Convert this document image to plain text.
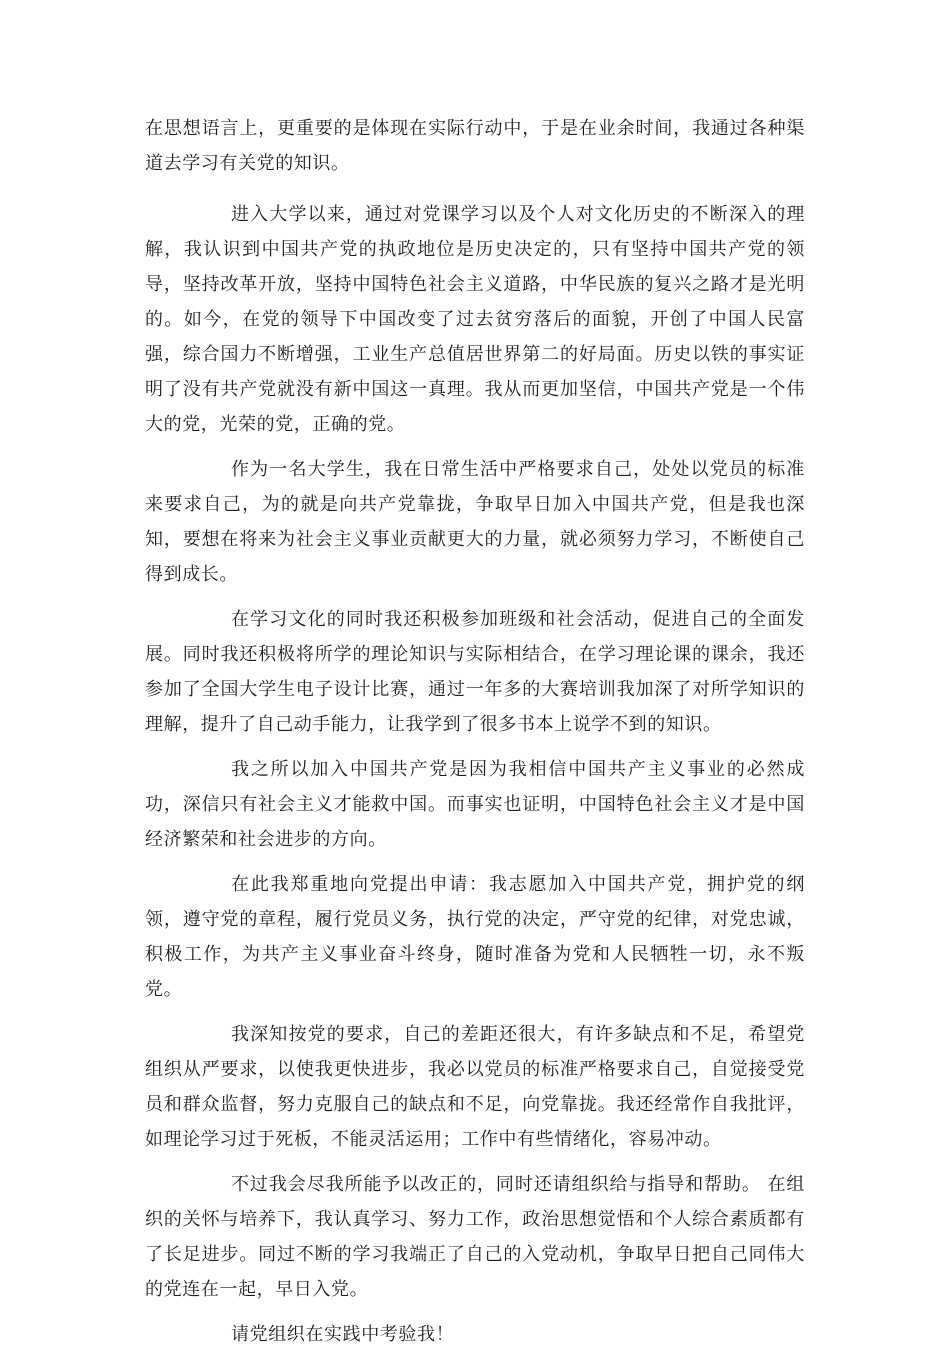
在思想语言上，更重要的是体现在实际行动中，于是在业余时间，我通过各种渠道去学习有关党的知识。

进入大学以来，通过对党课学习以及个人对文化历史的不断深入的理解，我认识到中国共产党的执政地位是历史决定的，只有坚持中国共产党的领导，坚持改革开放，坚持中国特色社会主义道路，中华民族的复兴之路才是光明的。如今，在党的领导下中国改变了过去贫穷落后的面貌，开创了中国人民富强，综合国力不断增强，工业生产总值居世界第二的好局面。历史以铁的事实证明了没有共产党就没有新中国这一真理。我从而更加坚信，中国共产党是一个伟大的党，光荣的党，正确的党。

作为一名大学生，我在日常生活中严格要求自己，处处以党员的标准来要求自己，为的就是向共产党靠拢，争取早日加入中国共产党，但是我也深知，要想在将来为社会主义事业贡献更大的力量，就必须努力学习，不断使自己得到成长。

在学习文化的同时我还积极参加班级和社会活动，促进自己的全面发展。同时我还积极将所学的理论知识与实际相结合，在学习理论课的课余，我还参加了全国大学生电子设计比赛，通过一年多的大赛培训我加深了对所学知识的理解，提升了自己动手能力，让我学到了很多书本上说学不到的知识。

我之所以加入中国共产党是因为我相信中国共产主义事业的必然成功，深信只有社会主义才能救中国。而事实也证明，中国特色社会主义才是中国经济繁荣和社会进步的方向。

在此我郑重地向党提出申请：我志愿加入中国共产党，拥护党的纲领，遵守党的章程，履行党员义务，执行党的决定，严守党的纪律，对党忠诚，积极工作，为共产主义事业奋斗终身，随时准备为党和人民牺牲一切，永不叛党。

我深知按党的要求，自己的差距还很大，有许多缺点和不足，希望党组织从严要求，以使我更快进步，我必以党员的标准严格要求自己，自觉接受党员和群众监督，努力克服自己的缺点和不足，向党靠拢。我还经常作自我批评，如理论学习过于死板，不能灵活运用；工作中有些情绪化，容易冲动。

不过我会尽我所能予以改正的，同时还请组织给与指导和帮助。 在组织的关怀与培养下，我认真学习、努力工作，政治思想觉悟和个人综合素质都有了长足进步。同过不断的学习我端正了自己的入党动机，争取早日把自己同伟大的党连在一起，早日入党。

请党组织在实践中考验我！
